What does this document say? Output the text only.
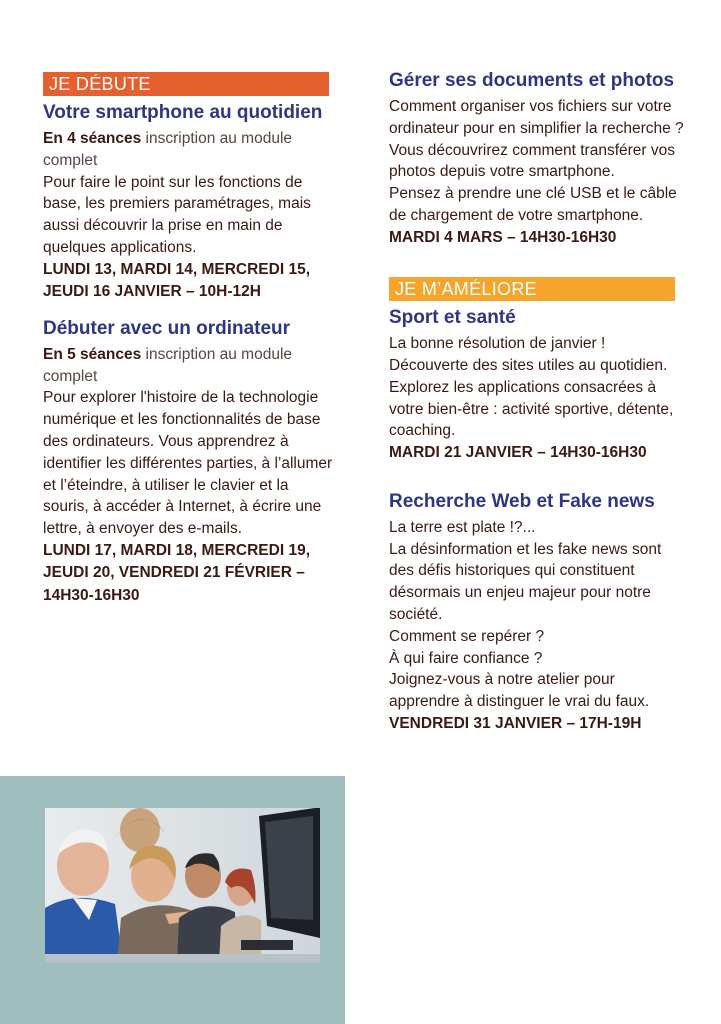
JE DÉBUTE
Votre smartphone au quotidien

En 4 séances inscription au module complet

Pour faire le point sur les fonctions de base, les premiers paramétrages, mais aussi découvrir la prise en main de quelques applications.

LUNDI 13, MARDI 14, MERCREDI 15, JEUDI 16 JANVIER – 10H-12H

Débuter avec un ordinateur

En 5 séances inscription au module complet

Pour explorer l'histoire de la technologie numérique et les fonctionnalités de base des ordinateurs. Vous apprendrez à identifier les différentes parties, à l’allumer et l’éteindre, à utiliser le clavier et la souris, à accéder à Internet, à écrire une lettre, à envoyer des e-mails.

LUNDI 17, MARDI 18, MERCREDI 19, JEUDI 20, VENDREDI 21 FÉVRIER – 14H30-16H30

Gérer ses documents et photos

Comment organiser vos fichiers sur votre ordinateur pour en simplifier la recherche ?

Vous découvrirez comment transférer vos photos depuis votre smartphone.

Pensez à prendre une clé USB et le câble de chargement de votre smartphone.

MARDI 4 MARS – 14H30-16H30

JE M’AMÉLIORE
Sport et santé

La bonne résolution de janvier !

Découverte des sites utiles au quotidien.

Explorez les applications consacrées à votre bien-être : activité sportive, détente, coaching.

MARDI 21 JANVIER – 14H30-16H30

Recherche Web et Fake news

La terre est plate !?...

La désinformation et les fake news sont des défis historiques qui constituent désormais un enjeu majeur pour notre société.

Comment se repérer ?

À qui faire confiance ?

Joignez-vous à notre atelier pour apprendre à distinguer le vrai du faux.

VENDREDI 31 JANVIER – 17H-19H
